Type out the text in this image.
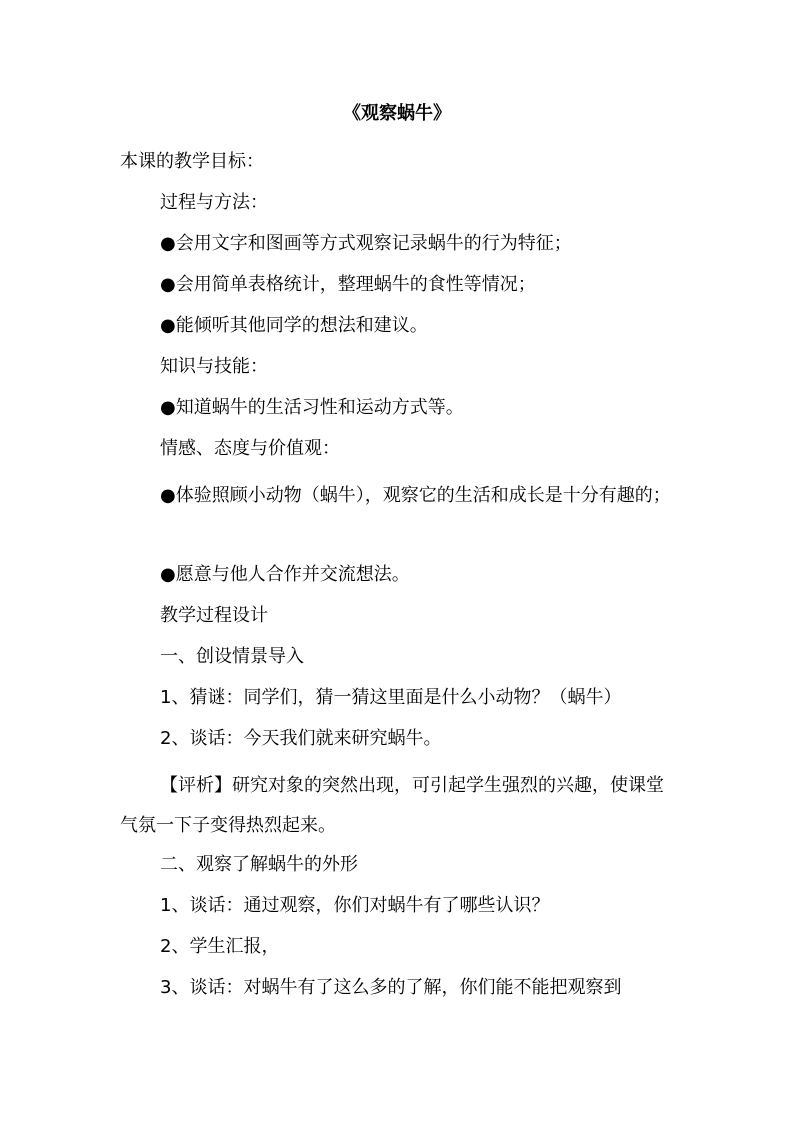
《观察蜗牛》
本课的教学目标：
过程与方法：
●会用文字和图画等方式观察记录蜗牛的行为特征；
●会用简单表格统计，整理蜗牛的食性等情况；
●能倾听其他同学的想法和建议。
知识与技能：
●知道蜗牛的生活习性和运动方式等。
情感、态度与价值观：
●体验照顾小动物（蜗牛），观察它的生活和成长是十分有趣的；
●愿意与他人合作并交流想法。
教学过程设计
一、创设情景导入
1、猜谜：同学们，猜一猜这里面是什么小动物？（蜗牛）
2、谈话：今天我们就来研究蜗牛。
【评析】研究对象的突然出现，可引起学生强烈的兴趣，使课堂气氛一下子变得热烈起来。
二、观察了解蜗牛的外形
1、谈话：通过观察，你们对蜗牛有了哪些认识？
2、学生汇报，
3、谈话：对蜗牛有了这么多的了解，你们能不能把观察到
